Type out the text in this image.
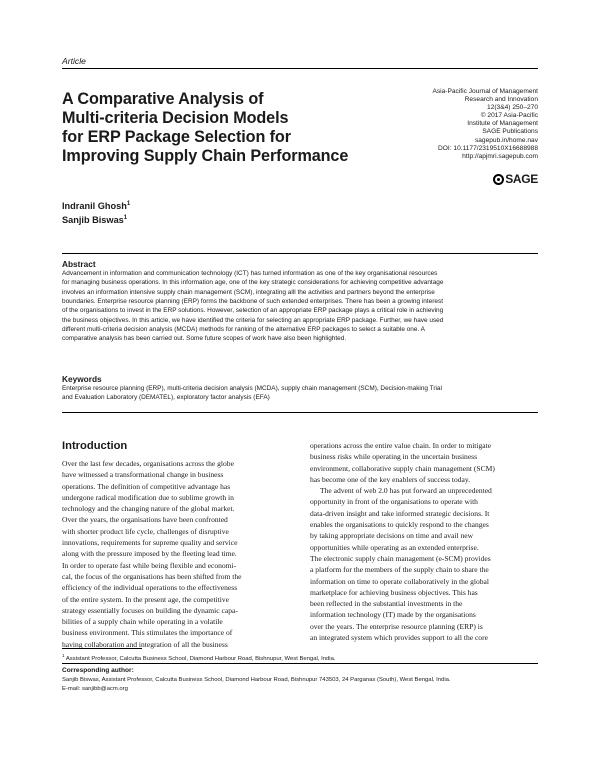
Article
A Comparative Analysis of
Multi-criteria Decision Models
for ERP Package Selection for
Improving Supply Chain Performance
Asia-Pacific Journal of Management
Research and Innovation
12(3&4) 250–270
© 2017 Asia-Pacific
Institute of Management
SAGE Publications
sagepub.in/home.nav
DOI: 10.1177/2319510X16688988
http://apjmri.sagepub.com
SAGE
Indranil Ghosh$^1$
Sanjib Biswas$^1$
Abstract
Advancement in information and communication technology (ICT) has turned information as one of the key organisational resources
for managing business operations. In this information age, one of the key strategic considerations for achieving competitive advantage
involves an information intensive supply chain management (SCM), integrating alll the activities and partners beyond the enterprise
boundaries. Enterprise resource planning (ERP) forms the backbone of such extended enterprises. There has been a growing interest
of the organisations to invest in the ERP solutions. However, selection of an appropriate ERP package plays a critical role in achieving
the business objectives. In this article, we have identified the criteria for selecting an appropriate ERP package. Further, we have used
different multi-criteria decision analysis (MCDA) methods for ranking of the alternative ERP packages to select a suitable one. A
comparative analysis has been carried out. Some future scopes of work have also been highlighted.
Keywords
Enterprise resource planning (ERP), multi-criteria decision analysis (MCDA), supply chain management (SCM), Decision-making Trial
and Evaluation Laboratory (DEMATEL), exploratory factor analysis (EFA)
Introduction
Over the last few decades, organisations across the globe
have witnessed a transformational change in business
operations. The definition of competitive advantage has
undergone radical modification due to sublime growth in
technology and the changing nature of the global market.
Over the years, the organisations have been confronted
with shorter product life cycle, challenges of disruptive
innovations, requirements for supreme quality and service
along with the pressure imposed by the fleeting lead time.
In order to operate fast while being flexible and economi-
cal, the focus of the organisations has been shifted from the
efficiency of the individual operations to the effectiveness
of the entire system. In the present age, the competitive
strategy essentially focuses on building the dynamic capa-
bilities of a supply chain while operating in a volatile
business environment. This stimulates the importance of
having collaboration and integration of all the business
operations across the entire value chain. In order to mitigate
business risks while operating in the uncertain business
environment, collaborative supply chain management (SCM)
has become one of the key enablers of success today.
The advent of web 2.0 has put forward an unprecedented
opportunity in front of the organisations to operate with
data-driven insight and take informed strategic decisions. It
enables the organisations to quickly respond to the changes
by taking appropriate decisions on time and avail new
opportunities while operating as an extended enterprise.
The electronic supply chain management (e-SCM) provides
a platform for the members of the supply chain to share the
information on time to operate collaboratively in the global
marketplace for achieving business objectives. This has
been reflected in the substantial investments in the
information technology (IT) made by the organisations
over the years. The enterprise resource planning (ERP) is
an integrated system which provides support to all the core
$^1$ Assistant Professor, Calcutta Business School, Diamond Harbour Road, Bishnupur, West Bengal, India.
Corresponding author:
Sanjib Biswas, Assistant Professor, Calcutta Business School, Diamond Harbour Road, Bishnupur 743503, 24 Parganas (South), West Bengal, India.
E-mail: sanjibb@acm.org
